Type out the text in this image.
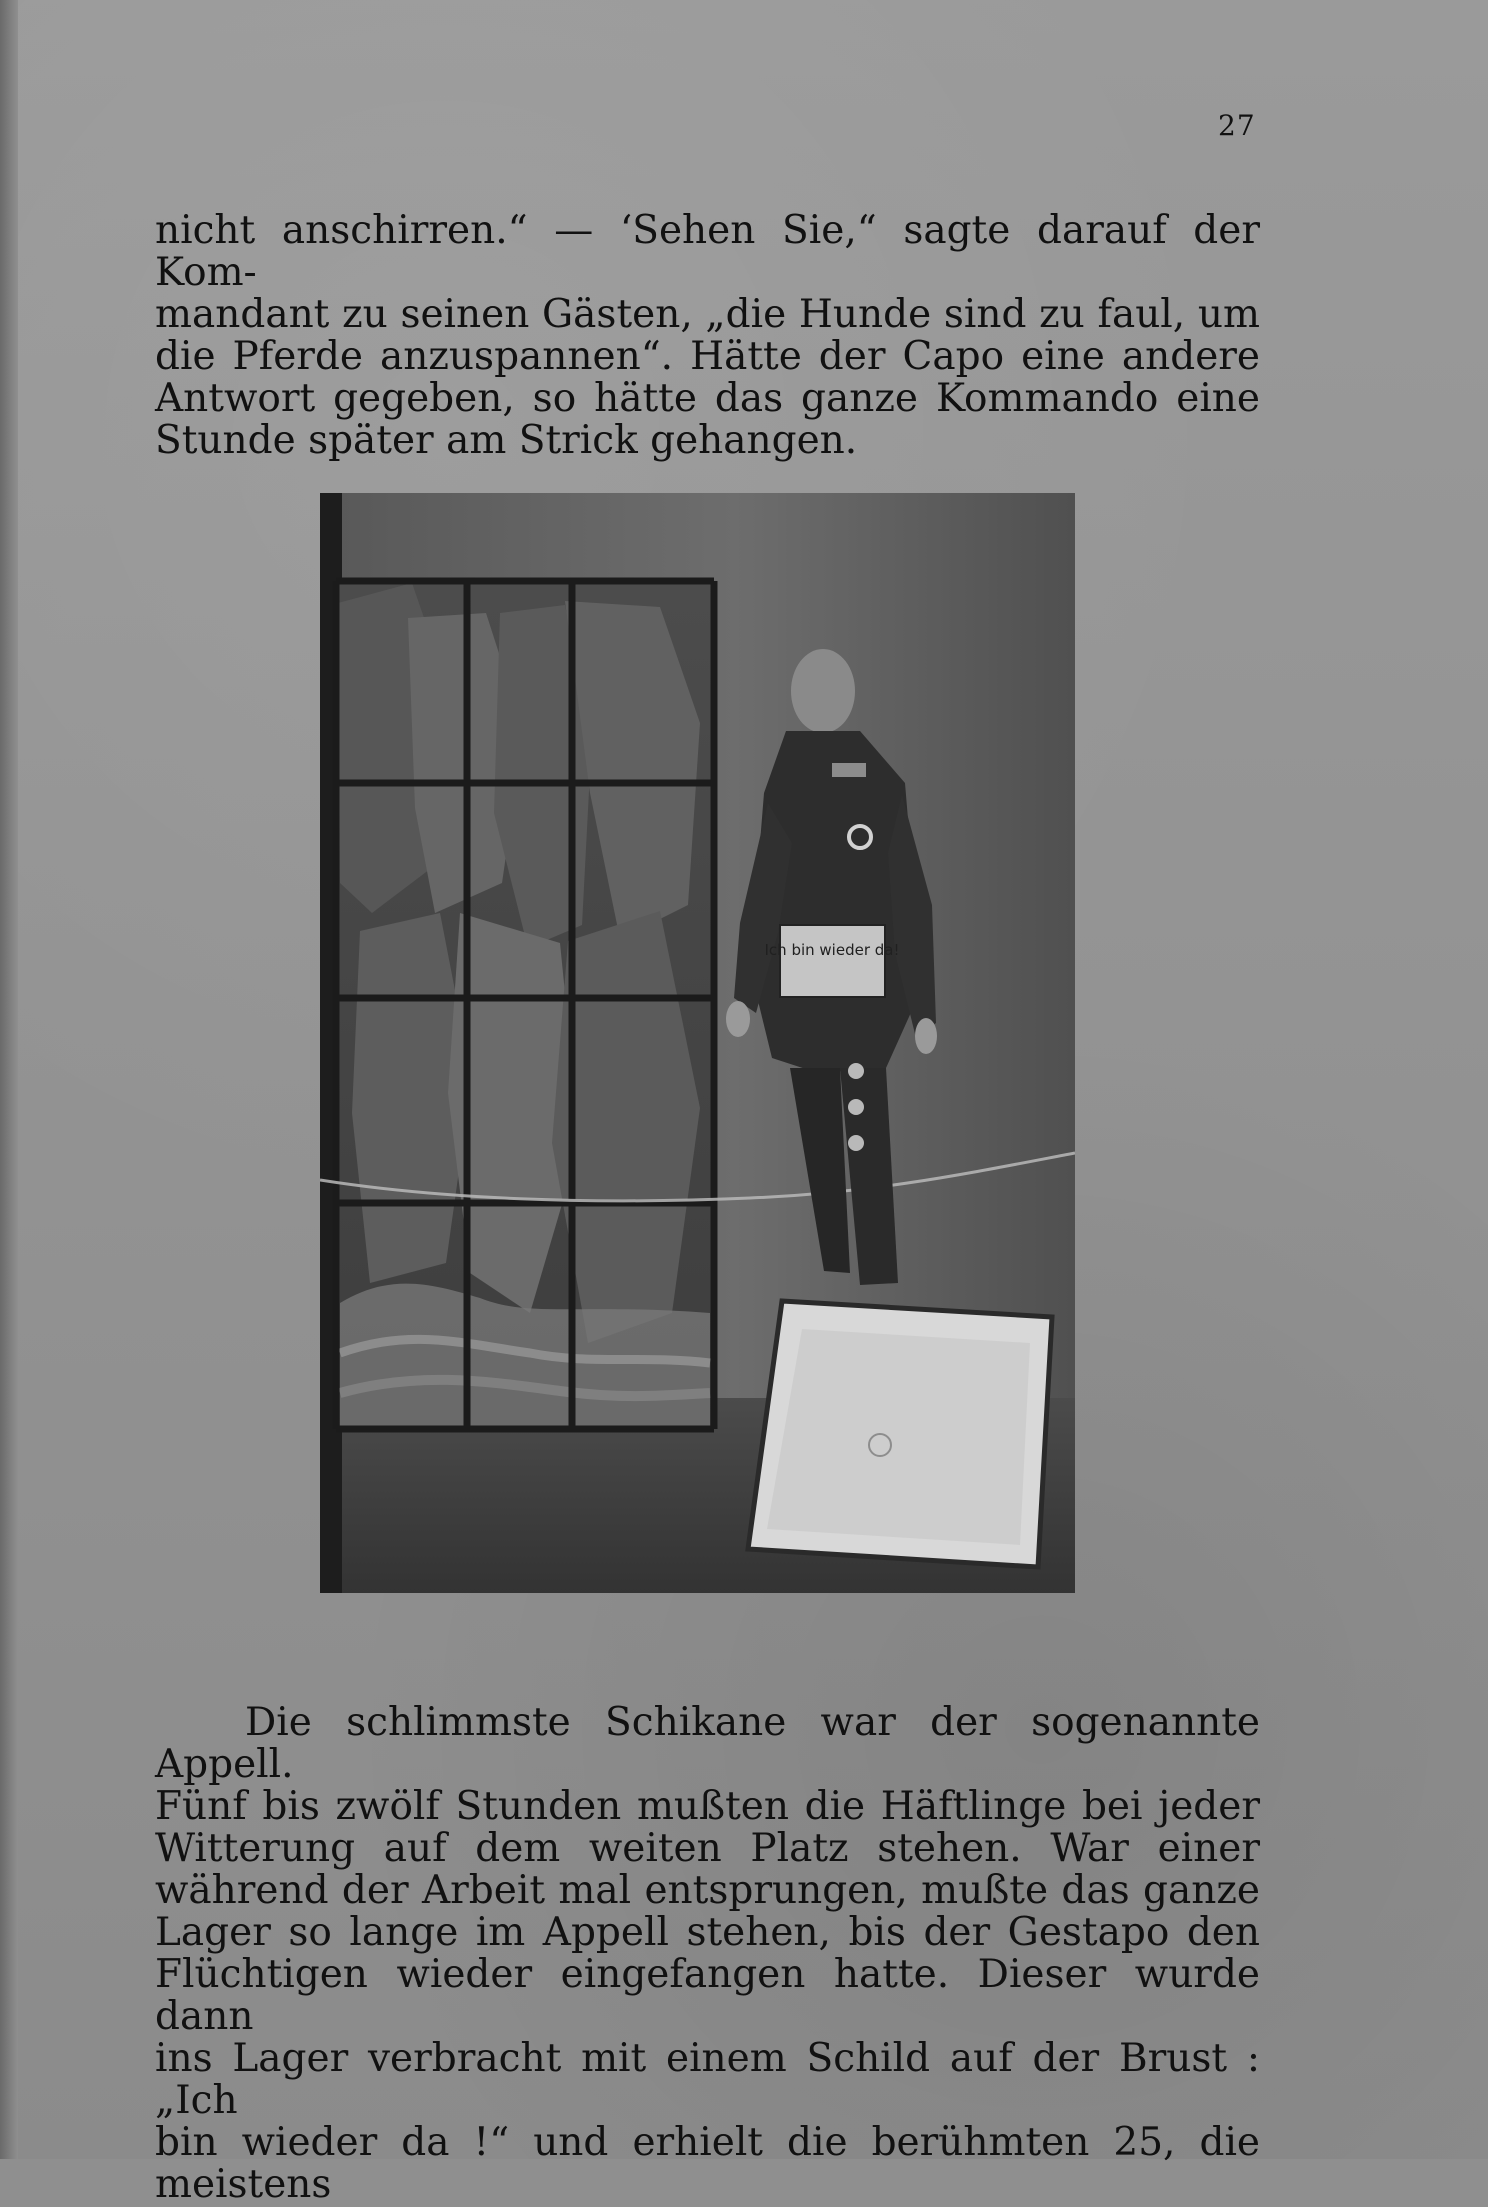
27

nicht anschirren.“ — ‘Sehen Sie,“ sagte darauf der Kom-

mandant zu seinen Gästen, „die Hunde sind zu faul, um

die Pferde anzuspannen“. Hätte der Capo eine andere

Antwort gegeben, so hätte das ganze Kommando eine

Stunde später am Strick gehangen.

Ich bin wieder da!

Die schlimmste Schikane war der sogenannte Appell.

Fünf bis zwölf Stunden mußten die Häftlinge bei jeder

Witterung auf dem weiten Platz stehen. War einer

während der Arbeit mal entsprungen, mußte das ganze

Lager so lange im Appell stehen, bis der Gestapo den

Flüchtigen wieder eingefangen hatte. Dieser wurde dann

ins Lager verbracht mit einem Schild auf der Brust : „Ich

bin wieder da !“ und erhielt die berühmten 25, die meistens
